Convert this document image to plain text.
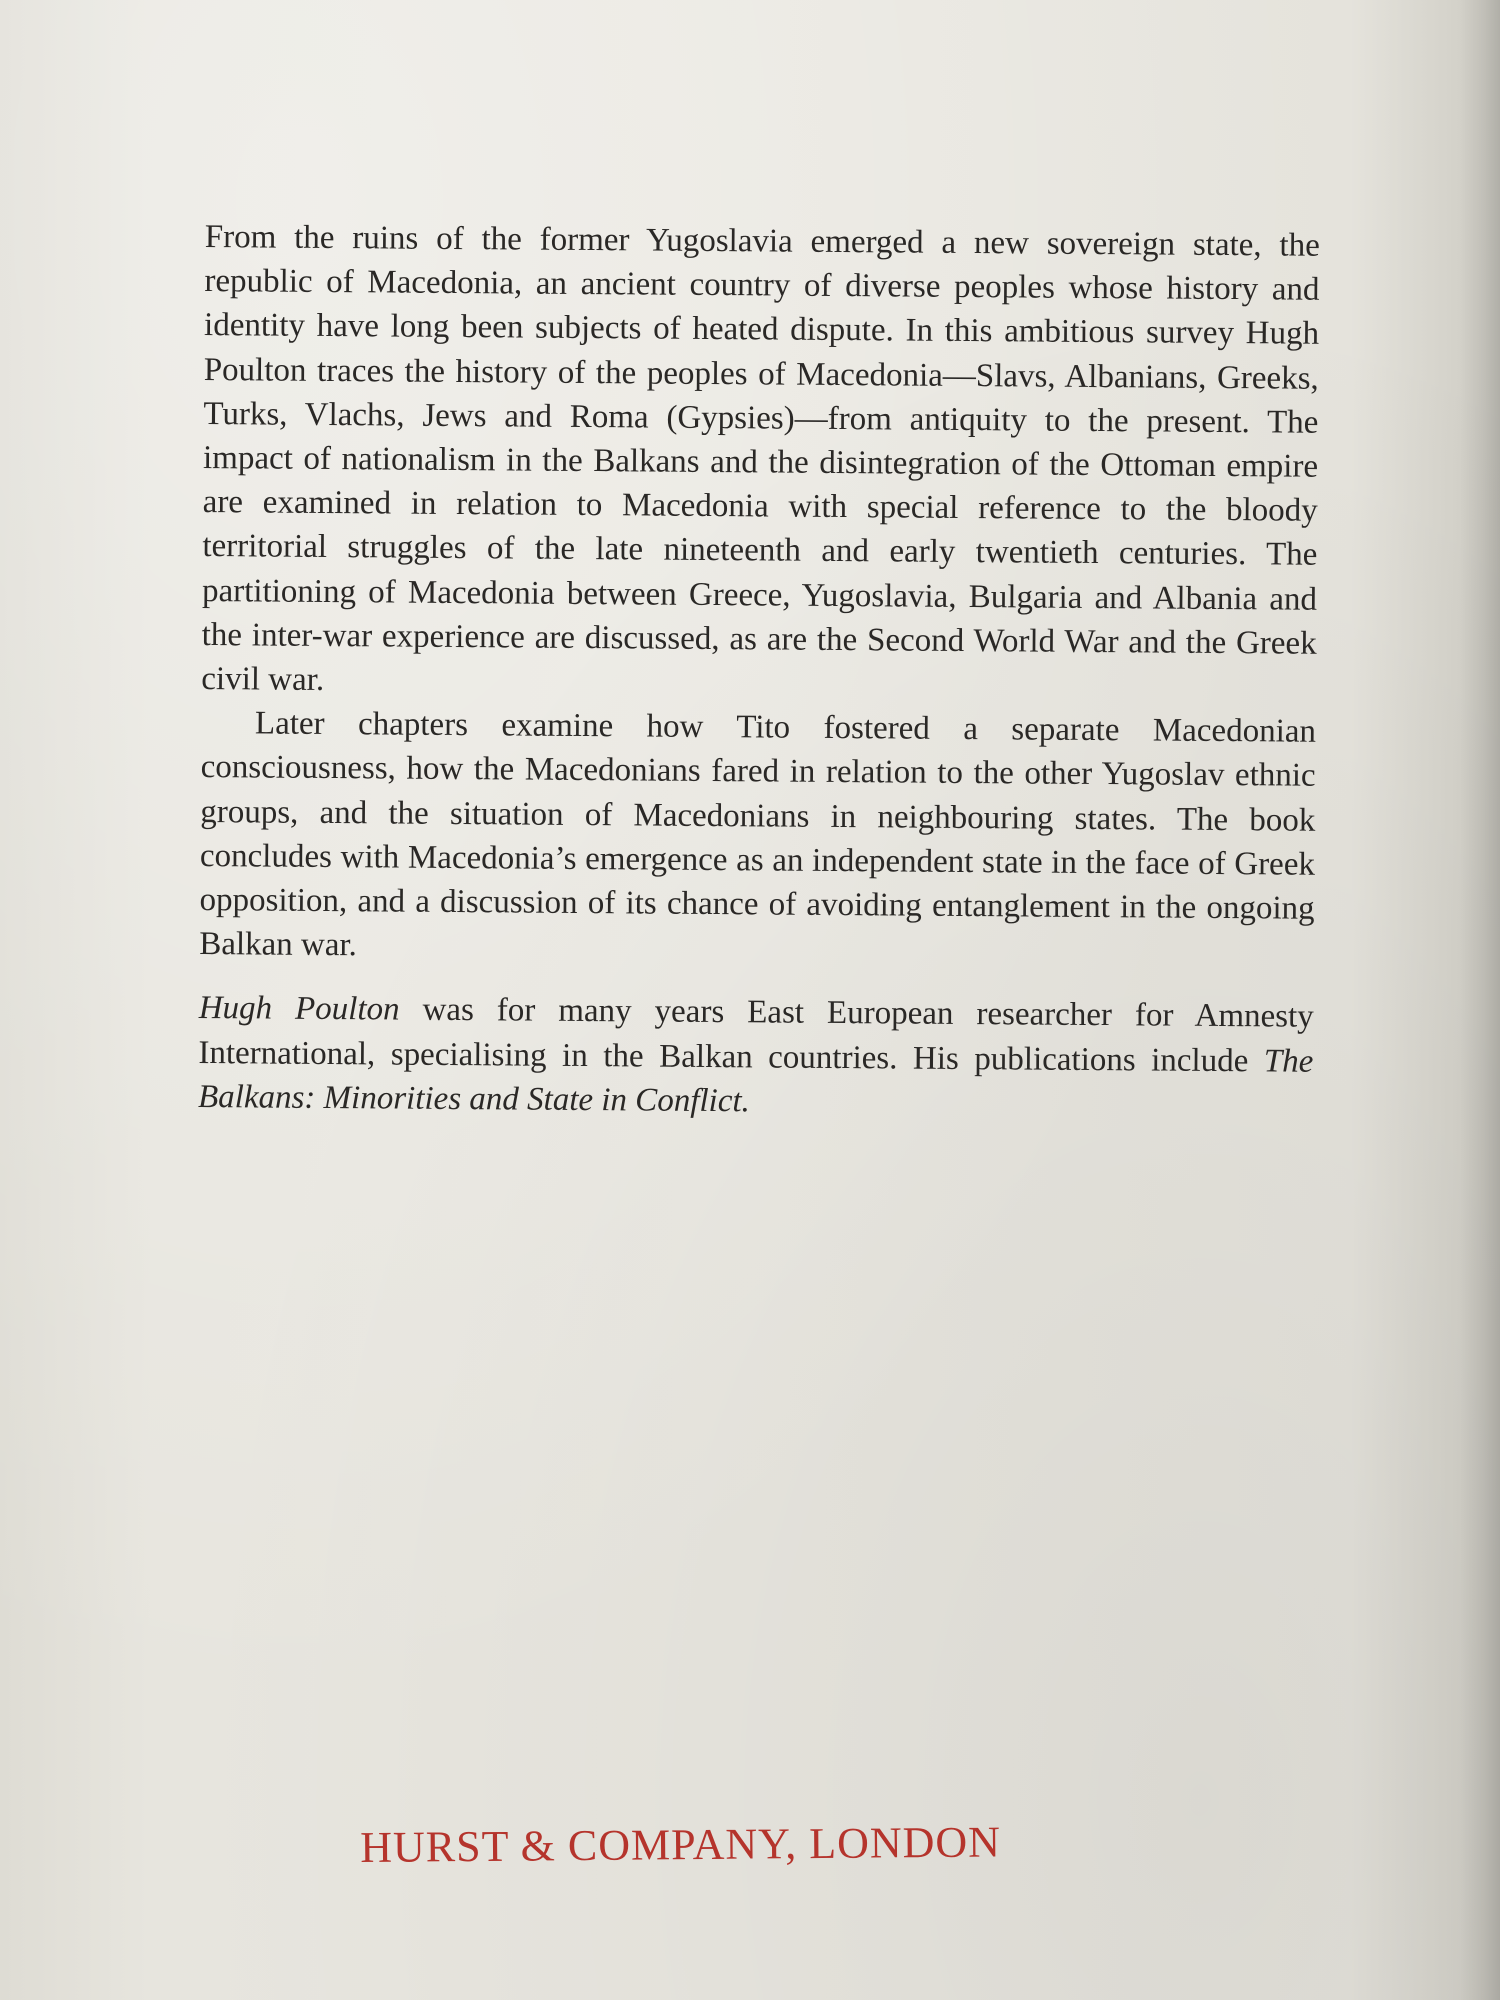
From the ruins of the former Yugoslavia emerged a new sovereign state, the republic of Macedonia, an ancient country of diverse peoples whose history and identity have long been subjects of heated dispute. In this ambitious survey Hugh Poulton traces the history of the peoples of Macedonia—Slavs, Albanians, Greeks, Turks, Vlachs, Jews and Roma (Gypsies)—from antiquity to the present. The impact of nationalism in the Balkans and the disintegration of the Ottoman empire are examined in relation to Macedonia with special reference to the bloody territorial struggles of the late nineteenth and early twentieth centuries. The partitioning of Macedonia between Greece, Yugoslavia, Bulgaria and Albania and the inter-war experience are discussed, as are the Second World War and the Greek civil war.

Later chapters examine how Tito fostered a separate Macedonian consciousness, how the Macedonians fared in relation to the other Yugoslav ethnic groups, and the situation of Macedonians in neighbouring states. The book concludes with Macedonia’s emergence as an independent state in the face of Greek opposition, and a discussion of its chance of avoiding entanglement in the ongoing Balkan war.

Hugh Poulton was for many years East European researcher for Amnesty International, specialising in the Balkan countries. His publications include The Balkans: Minorities and State in Conflict.

HURST & COMPANY, LONDON
